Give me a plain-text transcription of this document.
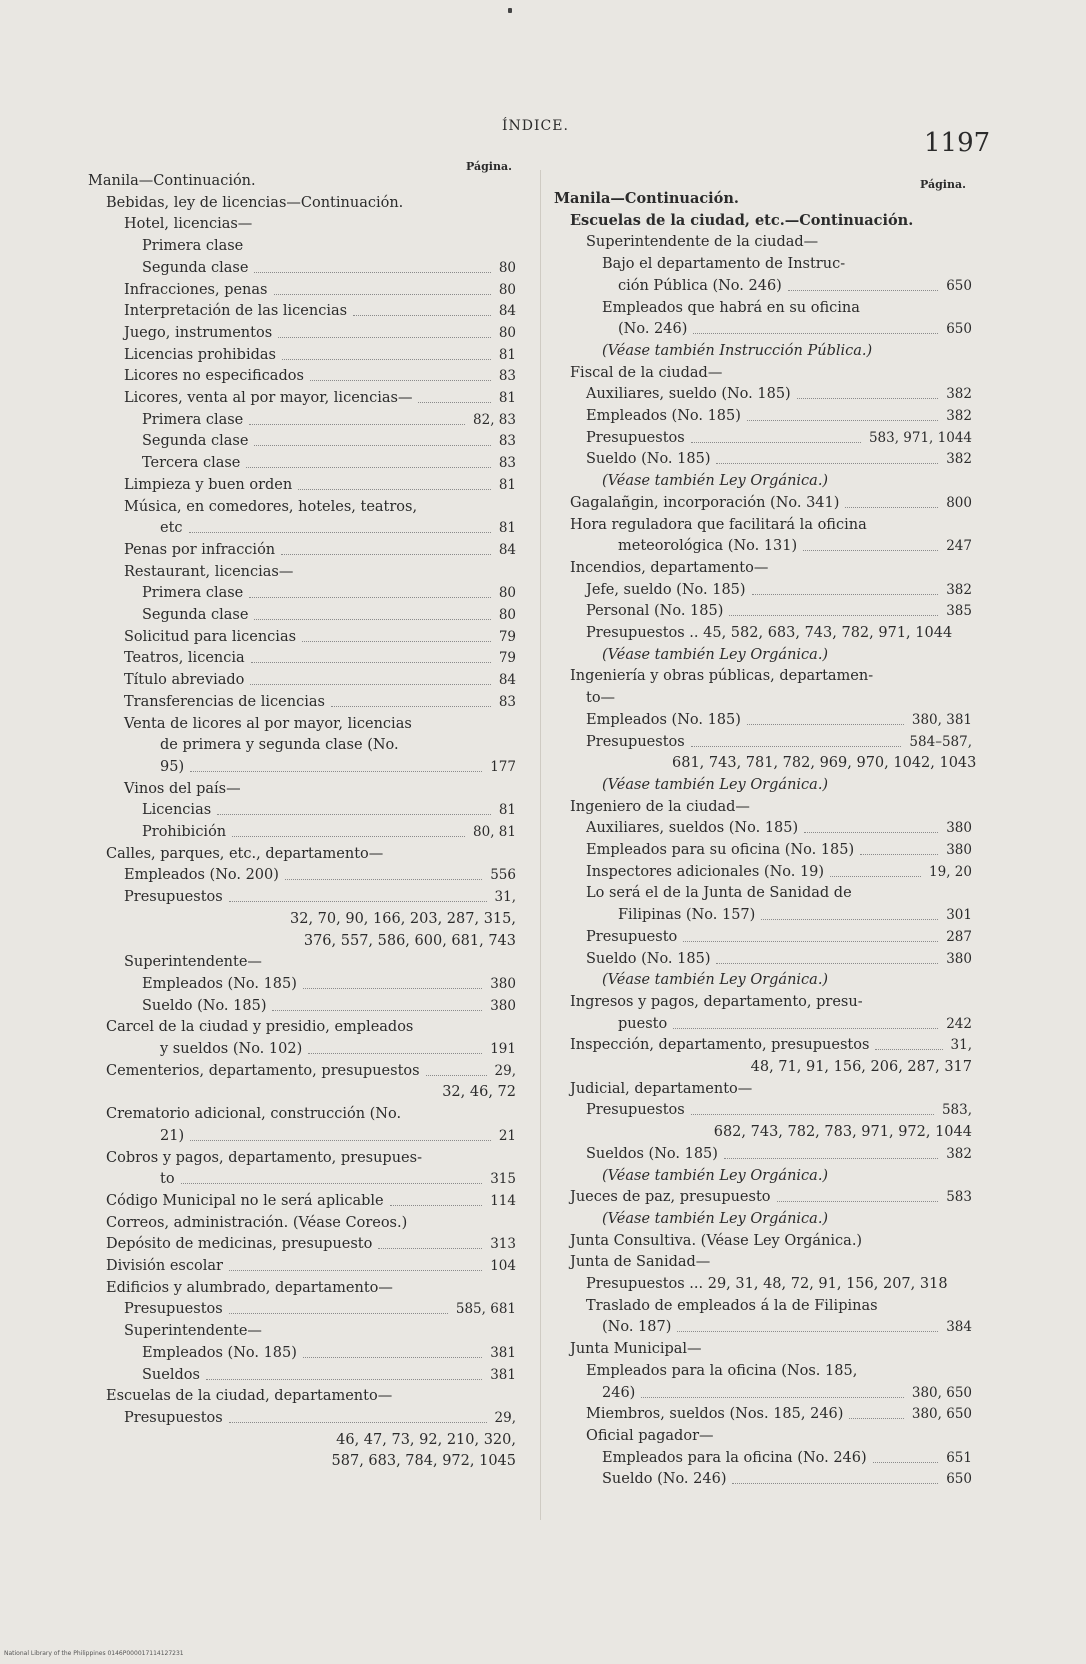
ÍNDICE.
1197
Página.
Página.
Manila—Continuación.
Bebidas, ley de licencias—Continuación.
Hotel, licencias—
Primera clase
Segunda clase	80
Infracciones, penas	80
Interpretación de las licencias	84
Juego, instrumentos	80
Licencias prohibidas	81
Licores no especificados	83
Licores, venta al por mayor, licencias—	81
Primera clase	82, 83
Segunda clase	83
Tercera clase	83
Limpieza y buen orden	81
Música, en comedores, hoteles, teatros,
etc	81
Penas por infracción	84
Restaurant, licencias—
Primera clase	80
Segunda clase	80
Solicitud para licencias	79
Teatros, licencia	79
Título abreviado	84
Transferencias de licencias	83
Venta de licores al por mayor, licencias
de primera y segunda clase (No.
95)	177
Vinos del país—
Licencias	81
Prohibición	80, 81
Calles, parques, etc., departamento—
Empleados (No. 200)	556
Presupuestos	31,
32, 70, 90, 166, 203, 287, 315,
376, 557, 586, 600, 681, 743
Superintendente—
Empleados (No. 185)	380
Sueldo (No. 185)	380
Carcel de la ciudad y presidio, empleados
y sueldos (No. 102)	191
Cementerios, departamento, presupuestos	29,
32, 46, 72
Crematorio adicional, construcción (No.
21)	21
Cobros y pagos, departamento, presupues-
to	315
Código Municipal no le será aplicable	114
Correos, administración. (Véase Coreos.)
Depósito de medicinas, presupuesto	313
División escolar	104
Edificios y alumbrado, departamento—
Presupuestos	585, 681
Superintendente—
Empleados (No. 185)	381
Sueldos	381
Escuelas de la ciudad, departamento—
Presupuestos	29,
46, 47, 73, 92, 210, 320,
587, 683, 784, 972, 1045
Manila—Continuación.
Escuelas de la ciudad, etc.—Continuación.
Superintendente de la ciudad—
Bajo el departamento de Instruc-
ción Pública (No. 246)	650
Empleados que habrá en su oficina
(No. 246)	650
(Véase también Instrucción Pública.)
Fiscal de la ciudad—
Auxiliares, sueldo (No. 185)	382
Empleados (No. 185)	382
Presupuestos	583, 971, 1044
Sueldo (No. 185)	382
(Véase también Ley Orgánica.)
Gagalañgin, incorporación (No. 341)	800
Hora reguladora que facilitará la oficina
meteorológica (No. 131)	247
Incendios, departamento—
Jefe, sueldo (No. 185)	382
Personal (No. 185)	385
Presupuestos .. 45, 582, 683, 743, 782, 971, 1044
(Véase también Ley Orgánica.)
Ingeniería y obras públicas, departamen-
to—
Empleados (No. 185)	380, 381
Presupuestos	584–587,
681, 743, 781, 782, 969, 970, 1042, 1043
(Véase también Ley Orgánica.)
Ingeniero de la ciudad—
Auxiliares, sueldos (No. 185)	380
Empleados para su oficina (No. 185)	380
Inspectores adicionales (No. 19)	19, 20
Lo será el de la Junta de Sanidad de
Filipinas (No. 157)	301
Presupuesto	287
Sueldo (No. 185)	380
(Véase también Ley Orgánica.)
Ingresos y pagos, departamento, presu-
puesto	242
Inspección, departamento, presupuestos	31,
48, 71, 91, 156, 206, 287, 317
Judicial, departamento—
Presupuestos	583,
682, 743, 782, 783, 971, 972, 1044
Sueldos (No. 185)	382
(Véase también Ley Orgánica.)
Jueces de paz, presupuesto	583
(Véase también Ley Orgánica.)
Junta Consultiva. (Véase Ley Orgánica.)
Junta de Sanidad—
Presupuestos ... 29, 31, 48, 72, 91, 156, 207, 318
Traslado de empleados á la de Filipinas
(No. 187)	384
Junta Municipal—
Empleados para la oficina (Nos. 185,
246)	380, 650
Miembros, sueldos (Nos. 185, 246)	380, 650
Oficial pagador—
Empleados para la oficina (No. 246)	651
Sueldo (No. 246)	650
National Library of the Philippines 0146P000017114127231
